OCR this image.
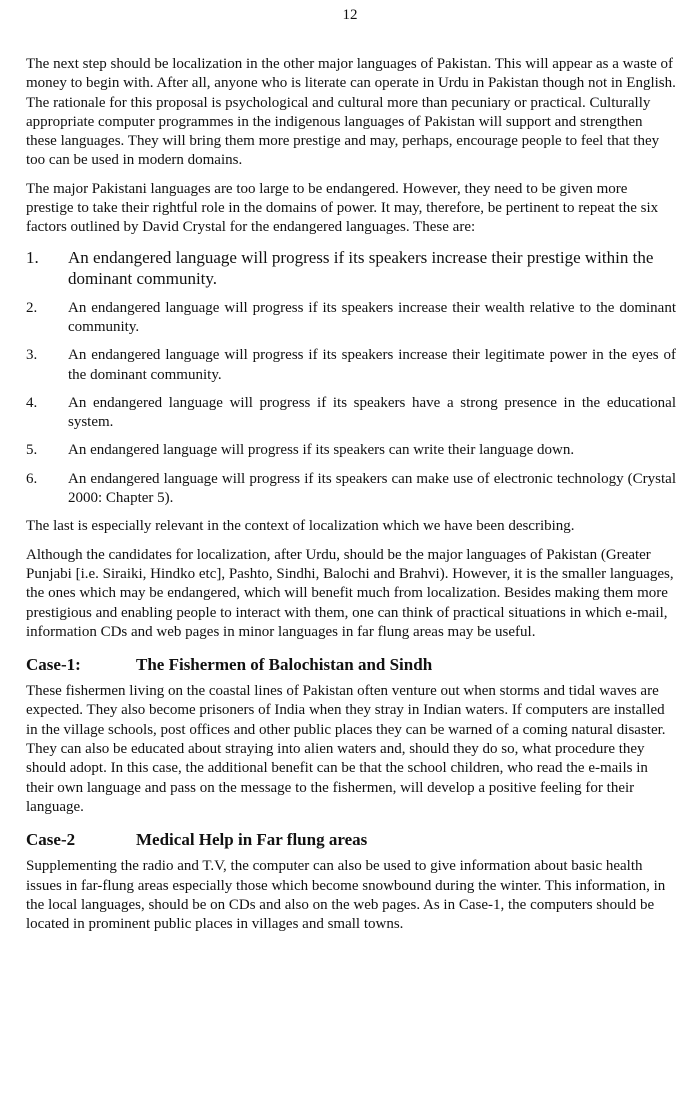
12

The next step should be localization in the other major languages of Pakistan. This will appear as a waste of money to begin with. After all, anyone who is literate can operate in Urdu in Pakistan though not in English. The rationale for this proposal is psychological and cultural more than pecuniary or practical. Culturally appropriate computer programmes in the indigenous languages of Pakistan will support and strengthen these languages. They will bring them more prestige and may, perhaps, encourage people to feel that they too can be used in modern domains.

The major Pakistani languages are too large to be endangered. However, they need to be given more prestige to take their rightful role in the domains of power. It may, therefore, be pertinent to repeat the six factors outlined by David Crystal for the endangered languages. These are:

1.	An endangered language will progress if its speakers increase their prestige within the dominant community.
2.	An endangered language will progress if its speakers increase their wealth relative to the dominant community.
3.	An endangered language will progress if its speakers increase their legitimate power in the eyes of the dominant community.
4.	An endangered language will progress if its speakers have a strong presence in the educational system.
5.	An endangered language will progress if its speakers can write their language down.
6.	An endangered language will progress if its speakers can make use of electronic technology (Crystal 2000: Chapter 5).

The last is especially relevant in the context of localization which we have been describing.

Although the candidates for localization, after Urdu, should be the major languages of Pakistan (Greater Punjabi [i.e. Siraiki, Hindko etc], Pashto, Sindhi, Balochi and Brahvi). However, it is the smaller languages, the ones which may be endangered, which will benefit much from localization. Besides making them more prestigious and enabling people to interact with them, one can think of practical situations in which e-mail, information CDs and web pages in minor languages in far flung areas may be useful.

Case-1:	The Fishermen of Balochistan and Sindh

These fishermen living on the coastal lines of Pakistan often venture out when storms and tidal waves are expected. They also become prisoners of India when they stray in Indian waters. If computers are installed in the village schools, post offices and other public places they can be warned of a coming natural disaster. They can also be educated about straying into alien waters and, should they do so, what procedure they should adopt. In this case, the additional benefit can be that the school children, who read the e-mails in their own language and pass on the message to the fishermen, will develop a positive feeling for their language.

Case-2	Medical Help in Far flung areas

Supplementing the radio and T.V, the computer can also be used to give information about basic health issues in far-flung areas especially those which become snowbound during the winter. This information, in the local languages, should be on CDs and also on the web pages. As in Case-1, the computers should be located in prominent public places in villages and small towns.
